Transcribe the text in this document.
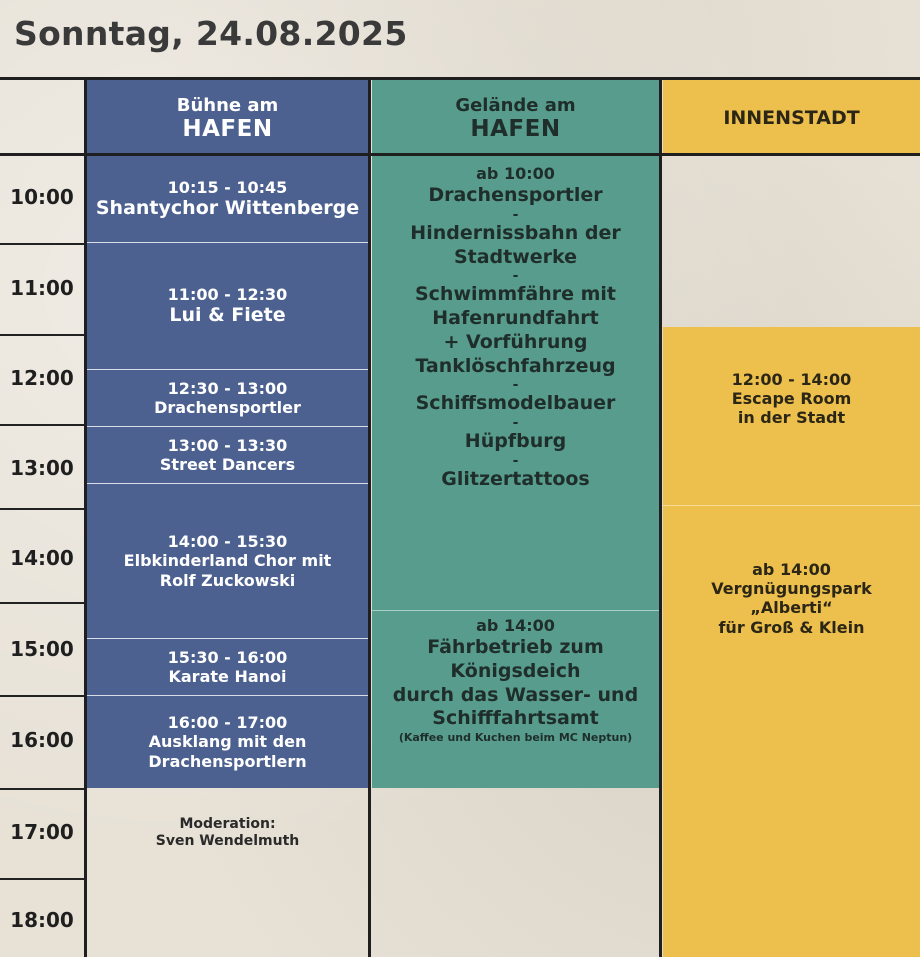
Sonntag, 24.08.2025
Bühne am
HAFEN
Gelände am
HAFEN	INNENSTADT
10:00
11:00
12:00
13:00
14:00
15:00
16:00
17:00
18:00
10:15 - 10:45
Shantychor Wittenberge
11:00 - 12:30
Lui & Fiete
12:30 - 13:00
Drachensportler
13:00 - 13:30
Street Dancers
14:00 - 15:30
Elbkinderland Chor mit
Rolf Zuckowski
15:30 - 16:00
Karate Hanoi
16:00 - 17:00
Ausklang mit den
Drachensportlern
Moderation:
Sven Wendelmuth
ab 10:00
Drachensportler
-
Hindernissbahn der
Stadtwerke
-
Schwimmfähre mit
Hafenrundfahrt
+ Vorführung
Tanklöschfahrzeug
-
Schiffsmodelbauer
-
Hüpfburg
-
Glitzertattoos
ab 14:00
Fährbetrieb zum
Königsdeich
durch das Wasser- und
Schifffahrtsamt
(Kaffee und Kuchen beim MC Neptun)
12:00 - 14:00
Escape Room
in der Stadt
ab 14:00
Vergnügungspark
„Alberti“
für Groß & Klein
